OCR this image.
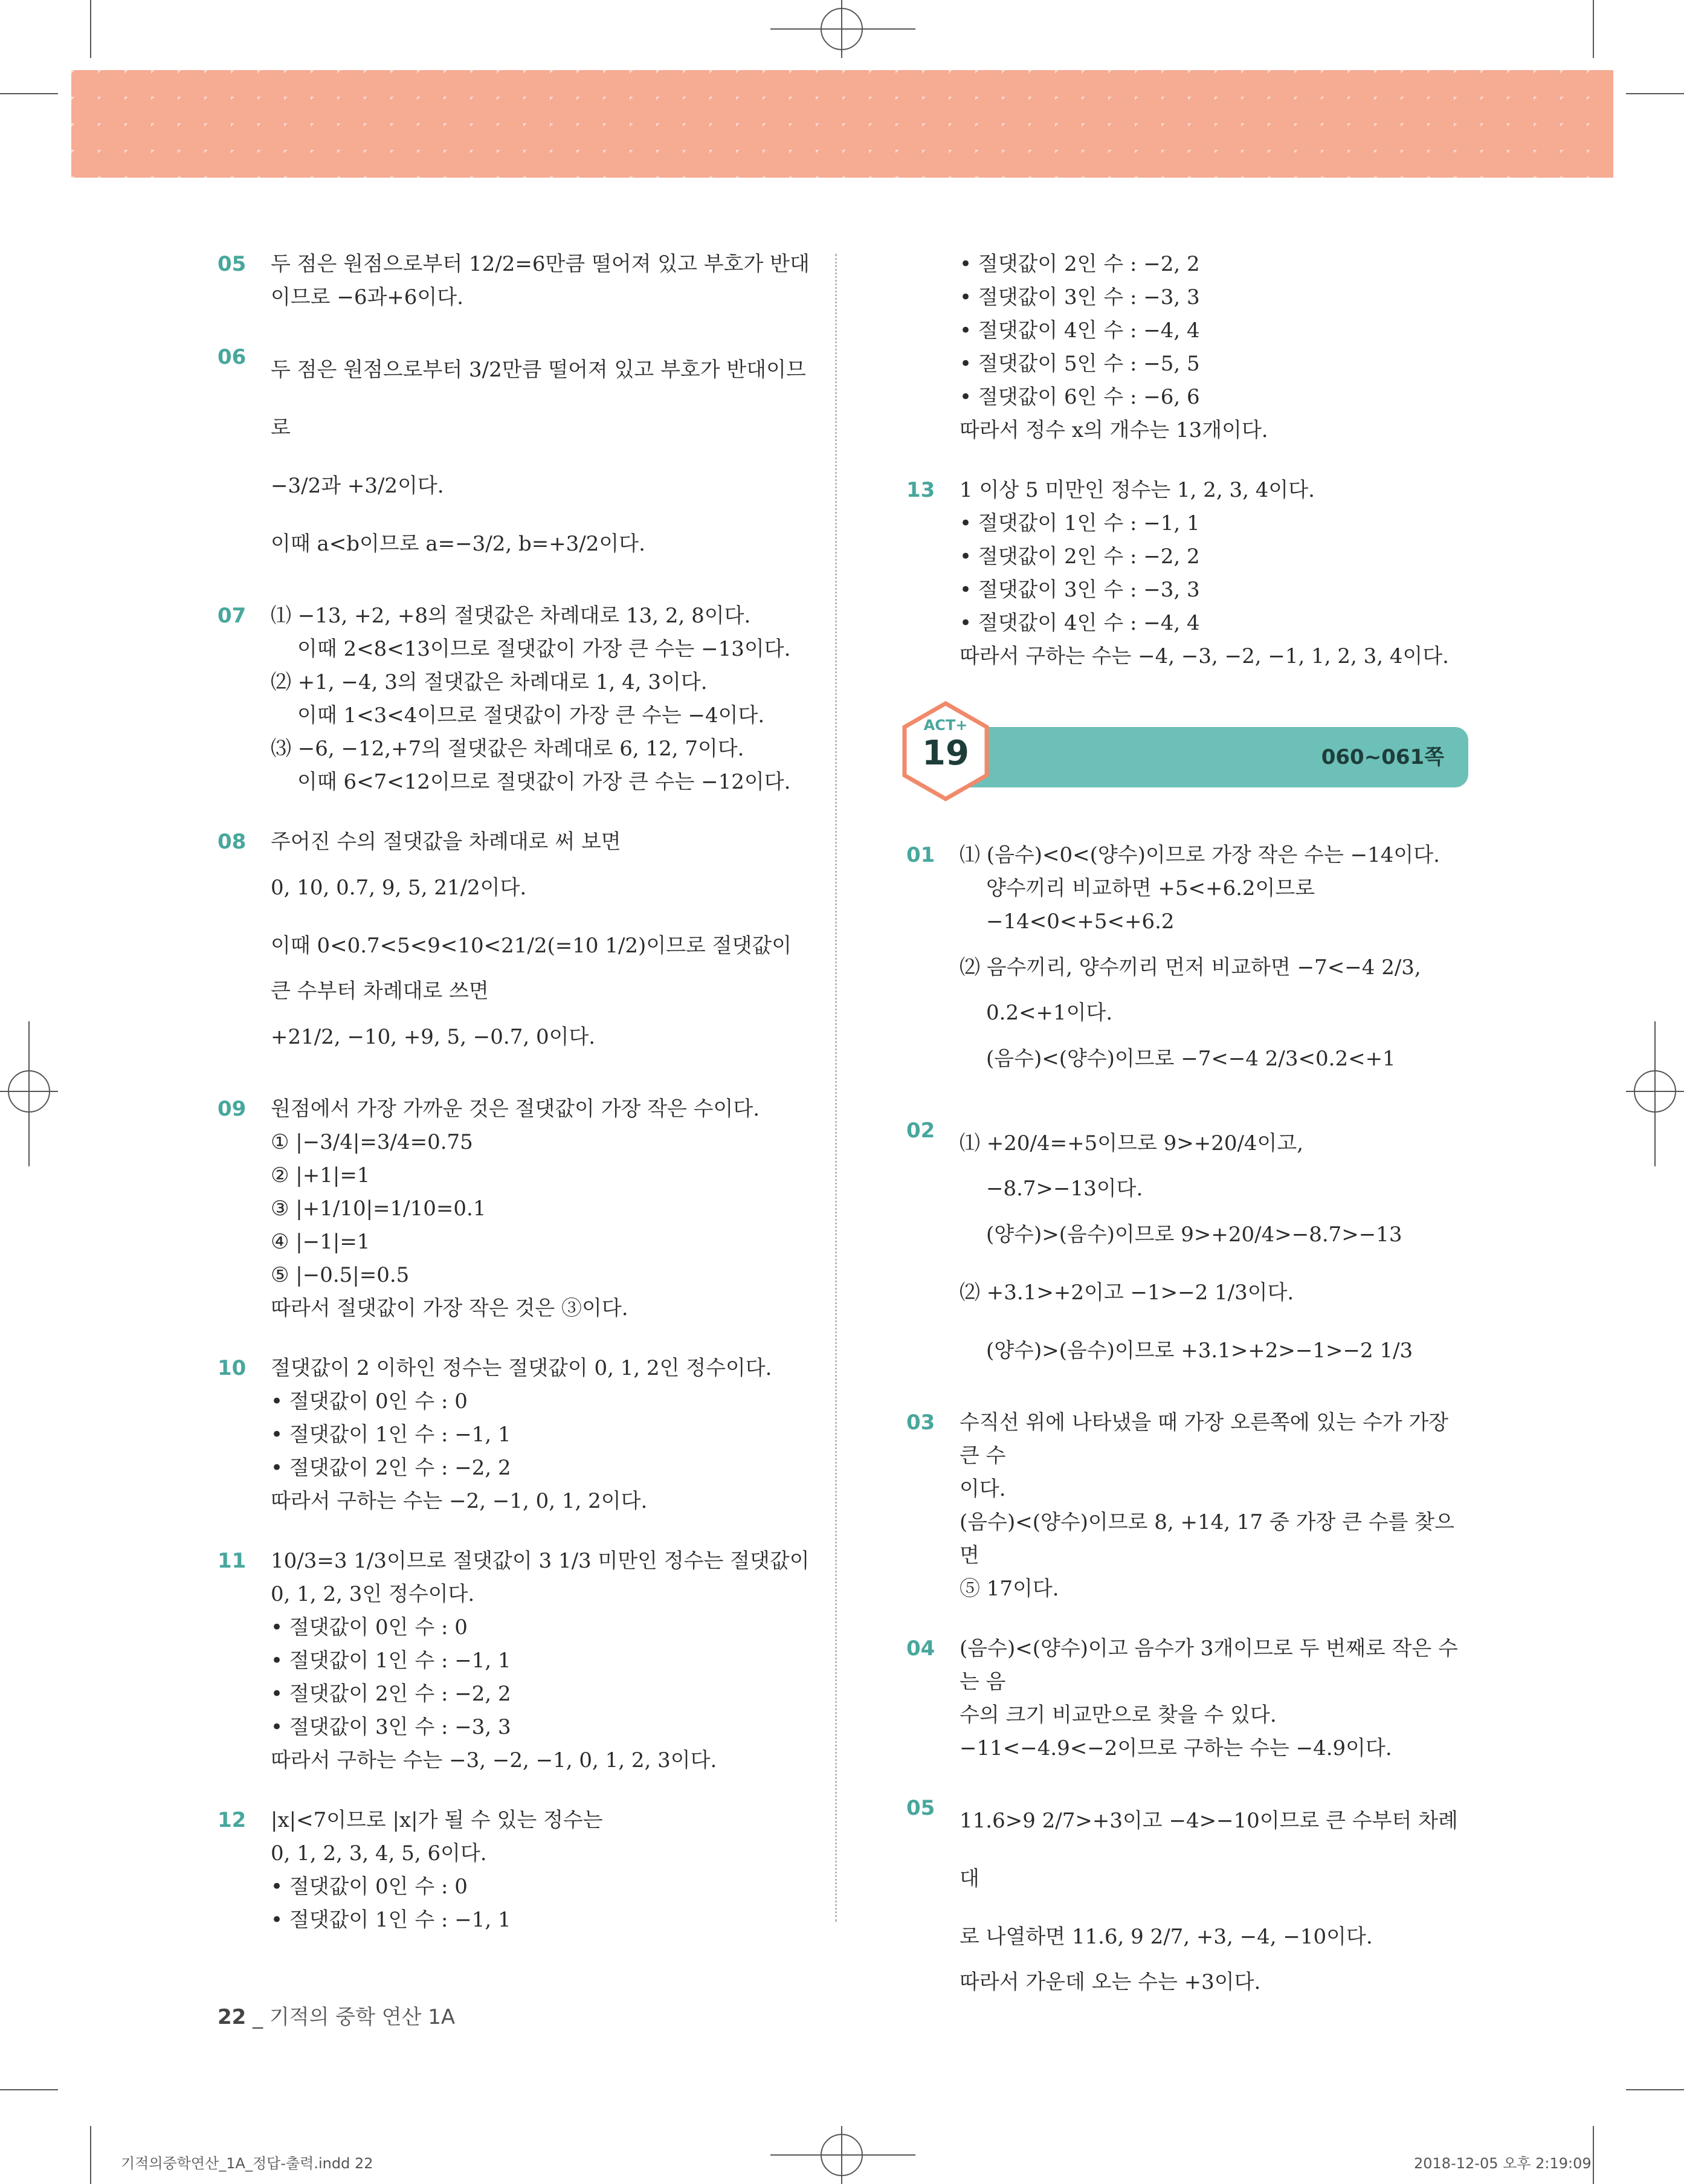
05	두 점은 원점으로부터 12/2=6만큼 떨어져 있고 부호가 반대
이므로 −6과+6이다.
06
두 점은 원점으로부터 3/2만큼 떨어져 있고 부호가 반대이므로
−3/2과 +3/2이다.
이때 a<b이므로 a=−3/2, b=+3/2이다.
07	⑴ −13, +2, +8의 절댓값은 차례대로 13, 2, 8이다.
이때 2<8<13이므로 절댓값이 가장 큰 수는 −13이다.
⑵ +1, −4, 3의 절댓값은 차례대로 1, 4, 3이다.
이때 1<3<4이므로 절댓값이 가장 큰 수는 −4이다.
⑶ −6, −12,+7의 절댓값은 차례대로 6, 12, 7이다.
이때 6<7<12이므로 절댓값이 가장 큰 수는 −12이다.
08	주어진 수의 절댓값을 차례대로 써 보면
0, 10, 0.7, 9, 5, 21/2이다.
이때 0<0.7<5<9<10<21/2(=10 1/2)이므로 절댓값이
큰 수부터 차례대로 쓰면
+21/2, −10, +9, 5, −0.7, 0이다.
09	원점에서 가장 가까운 것은 절댓값이 가장 작은 수이다.
① |−3/4|=3/4=0.75
② |+1|=1
③ |+1/10|=1/10=0.1
④ |−1|=1
⑤ |−0.5|=0.5
따라서 절댓값이 가장 작은 것은 ③이다.
10	절댓값이 2 이하인 정수는 절댓값이 0, 1, 2인 정수이다.
• 절댓값이 0인 수 : 0
• 절댓값이 1인 수 : −1, 1
• 절댓값이 2인 수 : −2, 2
따라서 구하는 수는 −2, −1, 0, 1, 2이다.
11	10/3=3 1/3이므로 절댓값이 3 1/3 미만인 정수는 절댓값이
0, 1, 2, 3인 정수이다.
• 절댓값이 0인 수 : 0
• 절댓값이 1인 수 : −1, 1
• 절댓값이 2인 수 : −2, 2
• 절댓값이 3인 수 : −3, 3
따라서 구하는 수는 −3, −2, −1, 0, 1, 2, 3이다.
12	|x|<7이므로 |x|가 될 수 있는 정수는
0, 1, 2, 3, 4, 5, 6이다.
• 절댓값이 0인 수 : 0
• 절댓값이 1인 수 : −1, 1
• 절댓값이 2인 수 : −2, 2
• 절댓값이 3인 수 : −3, 3
• 절댓값이 4인 수 : −4, 4
• 절댓값이 5인 수 : −5, 5
• 절댓값이 6인 수 : −6, 6
따라서 정수 x의 개수는 13개이다.
13	1 이상 5 미만인 정수는 1, 2, 3, 4이다.
• 절댓값이 1인 수 : −1, 1
• 절댓값이 2인 수 : −2, 2
• 절댓값이 3인 수 : −3, 3
• 절댓값이 4인 수 : −4, 4
따라서 구하는 수는 −4, −3, −2, −1, 1, 2, 3, 4이다.
060~061쪽
ACT+
19
01	⑴ (음수)<0<(양수)이므로 가장 작은 수는 −14이다.
양수끼리 비교하면 +5<+6.2이므로
−14<0<+5<+6.2
⑵ 음수끼리, 양수끼리 먼저 비교하면 −7<−4 2/3,
0.2<+1이다.
(음수)<(양수)이므로 −7<−4 2/3<0.2<+1
02
⑴ +20/4=+5이므로 9>+20/4이고,
−8.7>−13이다.
(양수)>(음수)이므로 9>+20/4>−8.7>−13
⑵ +3.1>+2이고 −1>−2 1/3이다.
(양수)>(음수)이므로 +3.1>+2>−1>−2 1/3
03	수직선 위에 나타냈을 때 가장 오른쪽에 있는 수가 가장 큰 수
이다.
(음수)<(양수)이므로 8, +14, 17 중 가장 큰 수를 찾으면
⑤ 17이다.
04	(음수)<(양수)이고 음수가 3개이므로 두 번째로 작은 수는 음
수의 크기 비교만으로 찾을 수 있다.
−11<−4.9<−2이므로 구하는 수는 −4.9이다.
05
11.6>9 2/7>+3이고 −4>−10이므로 큰 수부터 차례대
로 나열하면 11.6, 9 2/7, +3, −4, −10이다.
따라서 가운데 오는 수는 +3이다.
22 _ 기적의 중학 연산 1A
기적의중학연산_1A_정답-출력.indd 22	2018-12-05 오후 2:19:09
